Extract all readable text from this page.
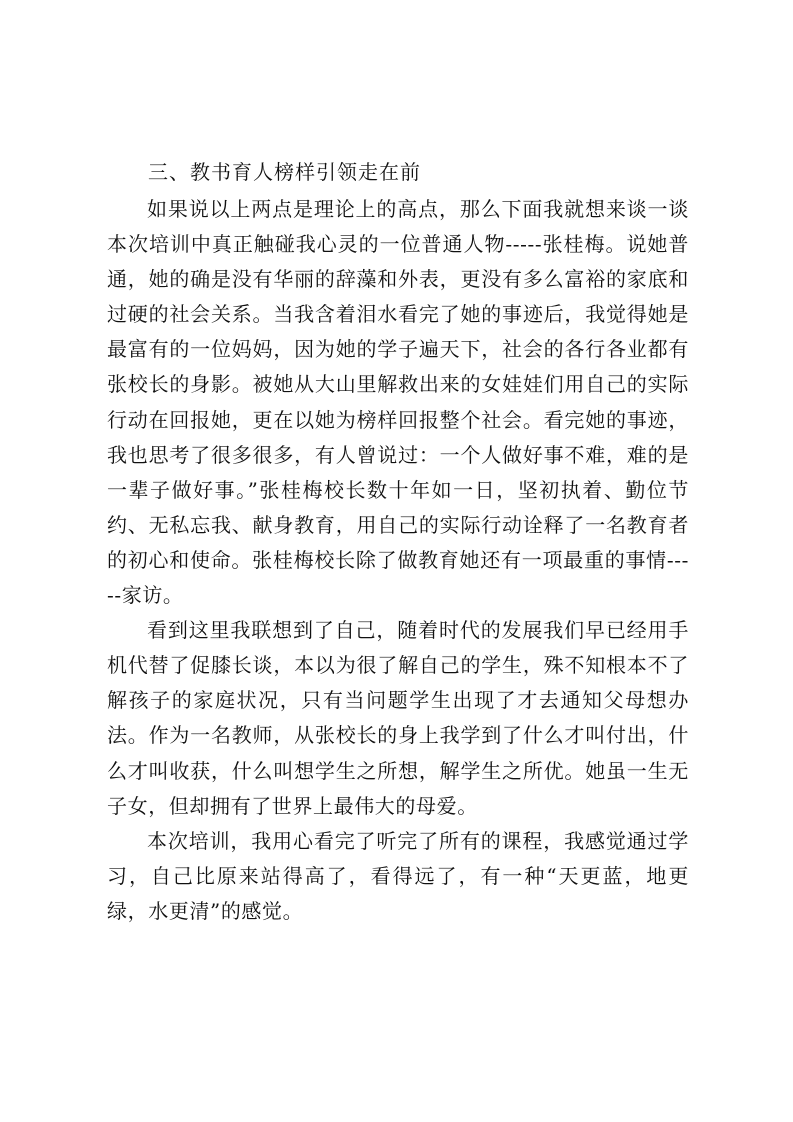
三、教书育人榜样引领走在前

如果说以上两点是理论上的高点，那么下面我就想来谈一谈本次培训中真正触碰我心灵的一位普通人物-----张桂梅。说她普通，她的确是没有华丽的辞藻和外表，更没有多么富裕的家底和过硬的社会关系。当我含着泪水看完了她的事迹后，我觉得她是最富有的一位妈妈，因为她的学子遍天下，社会的各行各业都有张校长的身影。被她从大山里解救出来的女娃娃们用自己的实际行动在回报她，更在以她为榜样回报整个社会。看完她的事迹，我也思考了很多很多，有人曾说过：一个人做好事不难，难的是一辈子做好事。”张桂梅校长数十年如一日，坚初执着、勤位节约、无私忘我、献身教育，用自己的实际行动诠释了一名教育者的初心和使命。张桂梅校长除了做教育她还有一项最重的事情-----家访。

看到这里我联想到了自己，随着时代的发展我们早已经用手机代替了促膝长谈，本以为很了解自己的学生，殊不知根本不了解孩子的家庭状况，只有当问题学生出现了才去通知父母想办法。作为一名教师，从张校长的身上我学到了什么才叫付出，什么才叫收获，什么叫想学生之所想，解学生之所优。她虽一生无子女，但却拥有了世界上最伟大的母爱。

本次培训，我用心看完了听完了所有的课程，我感觉通过学习，自己比原来站得高了，看得远了，有一种“天更蓝，地更绿，水更清”的感觉。
